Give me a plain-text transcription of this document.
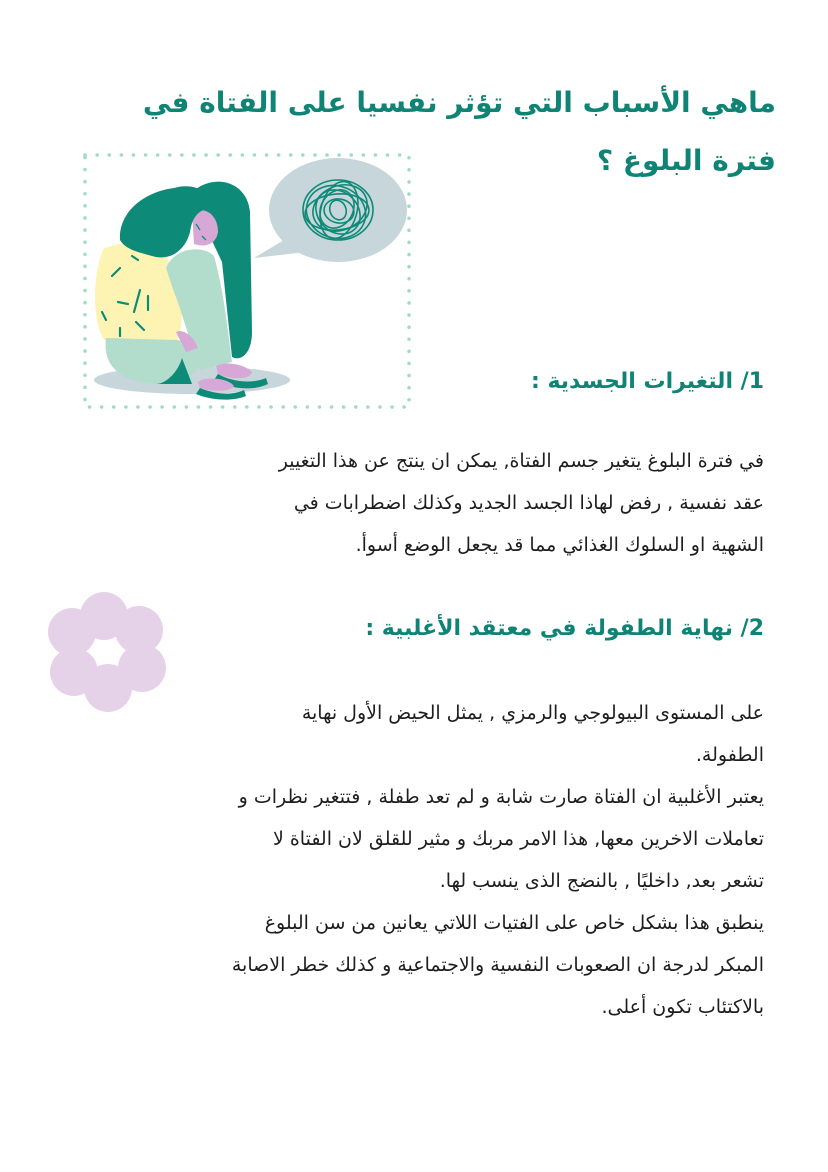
ماهي الأسباب التي تؤثر نفسيا على الفتاة في
فترة البلوغ ؟
1/ التغيرات الجسدية :

في فترة البلوغ يتغير جسم الفتاة, يمكن ان ينتج عن هذا التغيير
عقد نفسية , رفض لهاذا الجسد الجديد وكذلك اضطرابات في
الشهية او السلوك الغذائي مما قد يجعل الوضع أسوأ.

2/ نهاية الطفولة في معتقد الأغلبية :

على المستوى البيولوجي والرمزي , يمثل الحيض الأول نهاية
الطفولة.
يعتبر الأغلبية ان الفتاة صارت شابة و لم تعد طفلة , فتتغير نظرات و
تعاملات الاخرين معها, هذا الامر مربك و مثير للقلق لان الفتاة لا
تشعر بعد, داخليًا , بالنضج الذى ينسب لها.
ينطبق هذا بشكل خاص على الفتيات اللاتي يعانين من سن البلوغ
المبكر لدرجة ان الصعوبات النفسية والاجتماعية و كذلك خطر الاصابة
بالاكتئاب تكون أعلى.
